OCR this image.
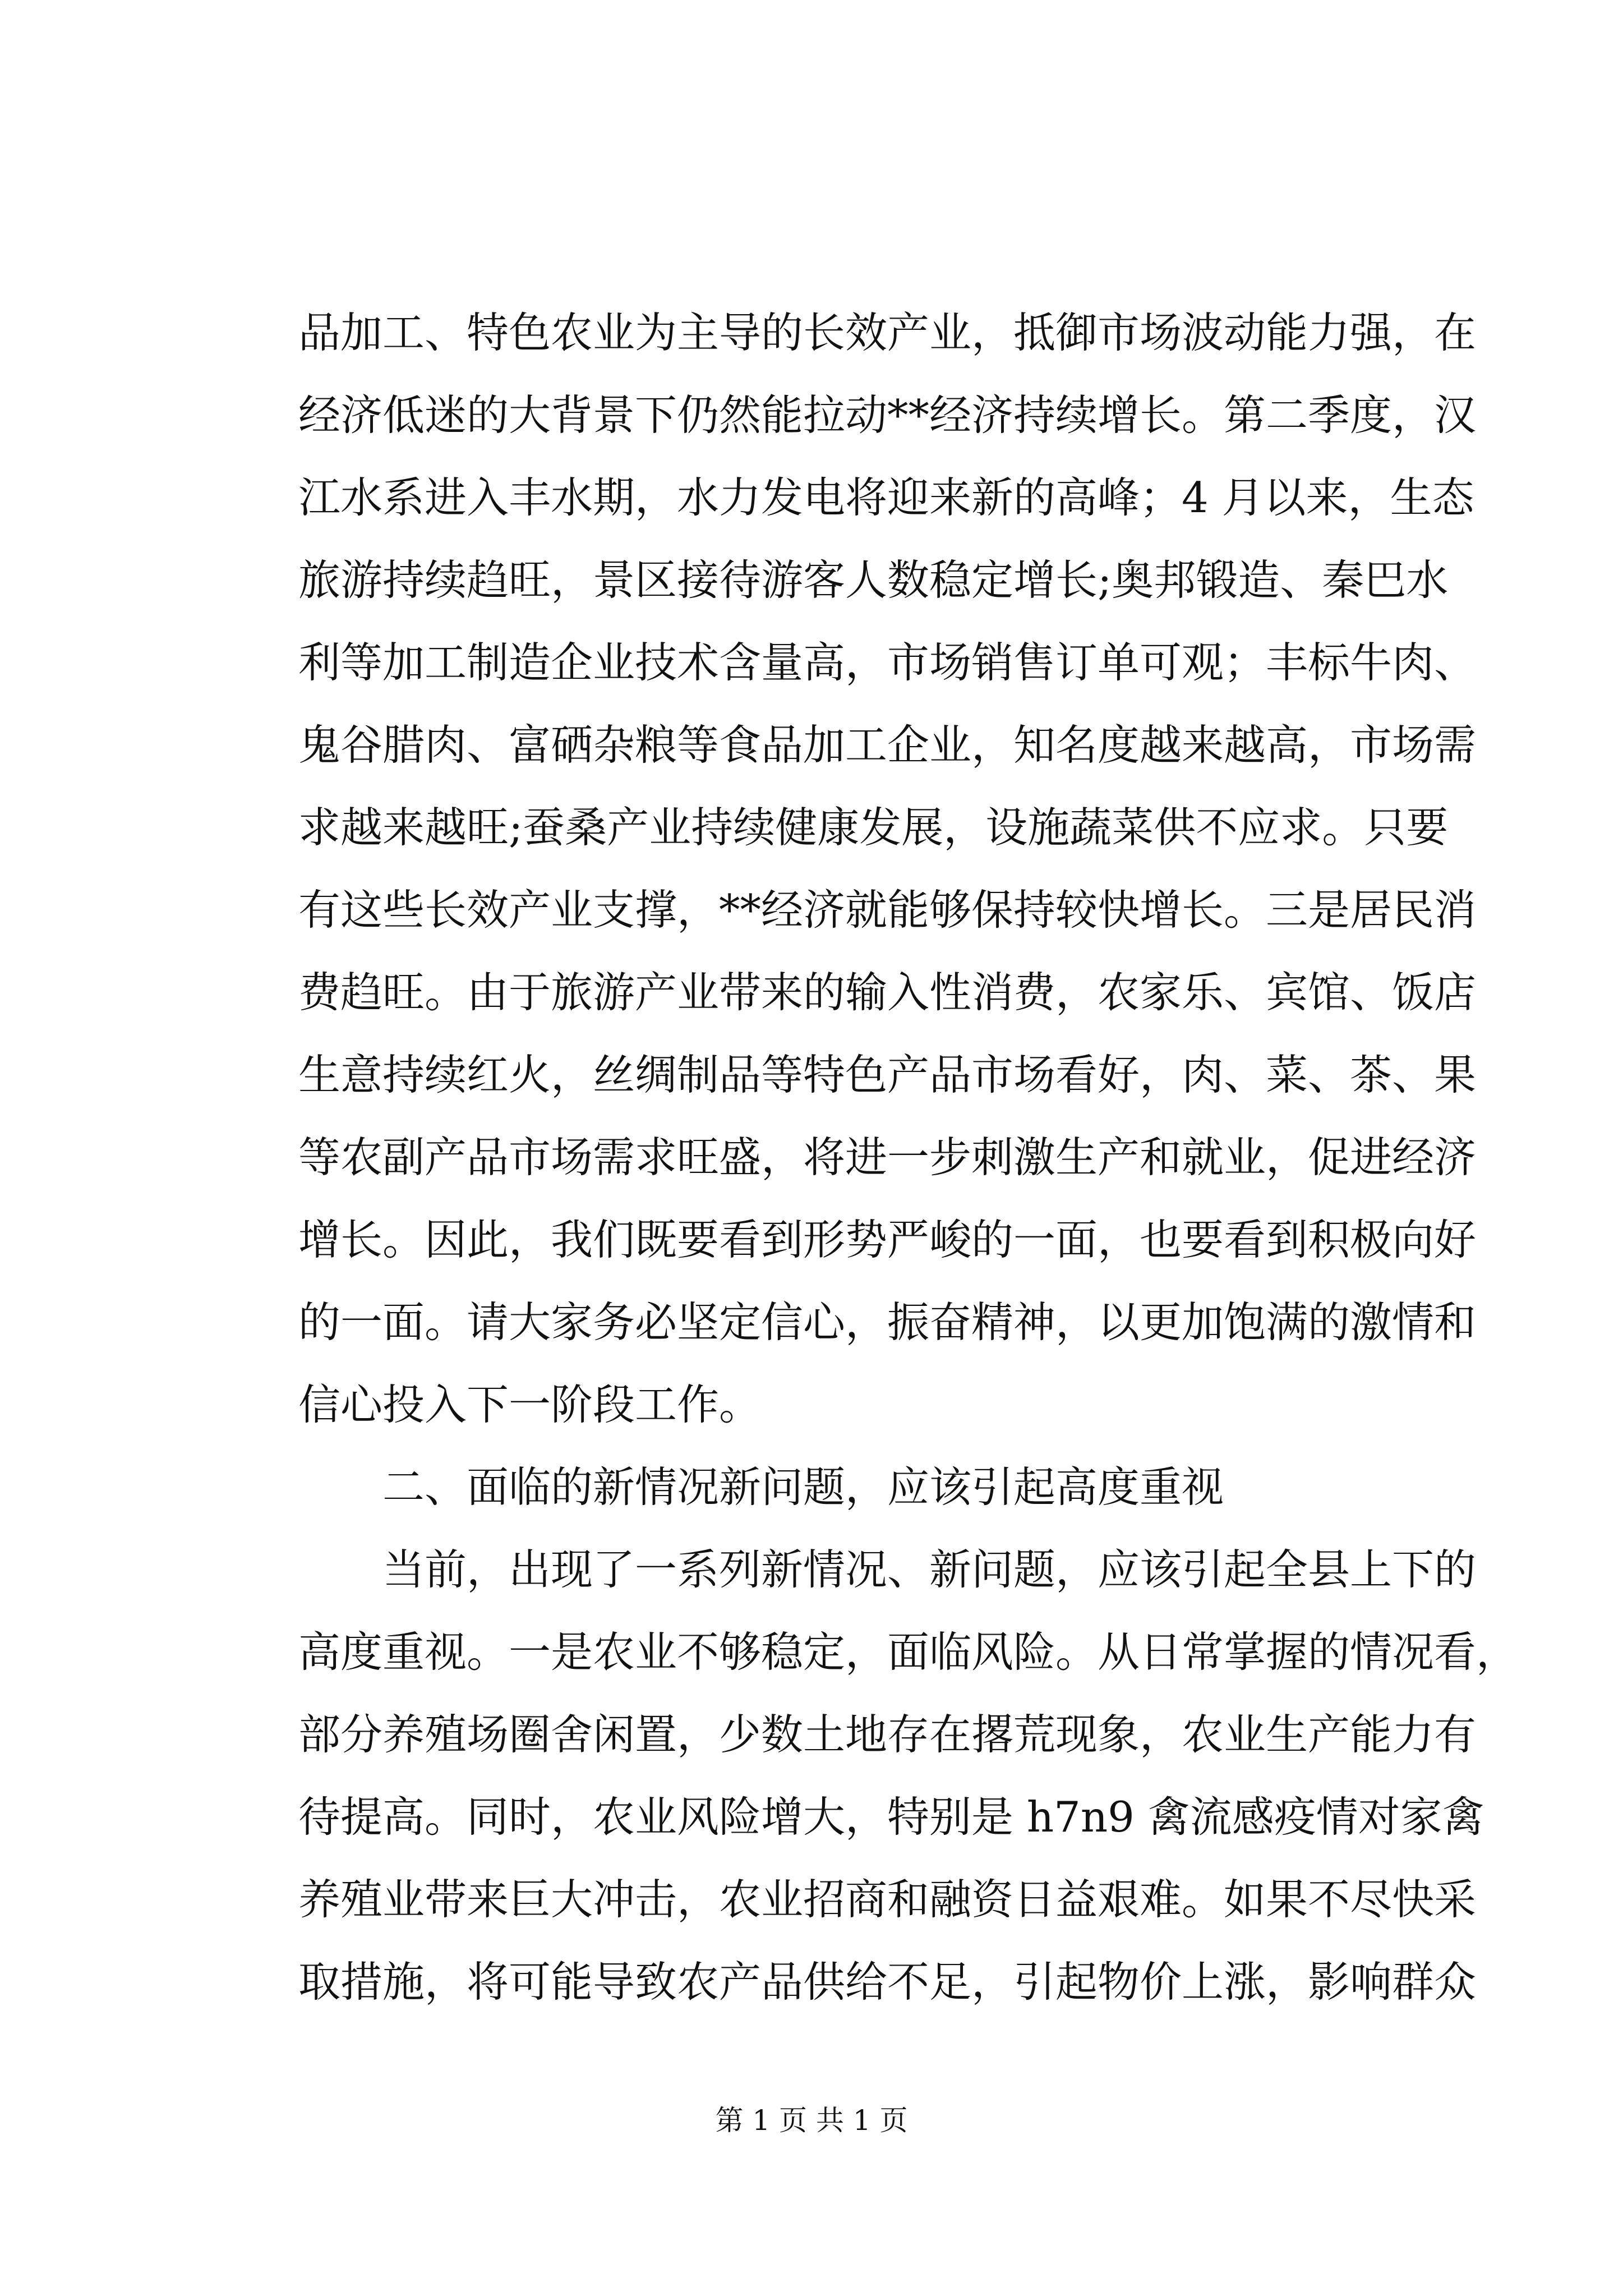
品加工、特色农业为主导的长效产业，抵御市场波动能力强，在
经济低迷的大背景下仍然能拉动**经济持续增长。第二季度，汉
江水系进入丰水期，水力发电将迎来新的高峰；4 月以来，生态
旅游持续趋旺，景区接待游客人数稳定增长;奥邦锻造、秦巴水
利等加工制造企业技术含量高，市场销售订单可观；丰标牛肉、
鬼谷腊肉、富硒杂粮等食品加工企业，知名度越来越高，市场需
求越来越旺;蚕桑产业持续健康发展，设施蔬菜供不应求。只要
有这些长效产业支撑，**经济就能够保持较快增长。三是居民消
费趋旺。由于旅游产业带来的输入性消费，农家乐、宾馆、饭店
生意持续红火，丝绸制品等特色产品市场看好，肉、菜、茶、果
等农副产品市场需求旺盛，将进一步刺激生产和就业，促进经济
增长。因此，我们既要看到形势严峻的一面，也要看到积极向好
的一面。请大家务必坚定信心，振奋精神，以更加饱满的激情和
信心投入下一阶段工作。
二、面临的新情况新问题，应该引起高度重视
当前，出现了一系列新情况、新问题，应该引起全县上下的
高度重视。一是农业不够稳定，面临风险。从日常掌握的情况看，
部分养殖场圈舍闲置，少数土地存在撂荒现象，农业生产能力有
待提高。同时，农业风险增大，特别是 h7n9 禽流感疫情对家禽
养殖业带来巨大冲击，农业招商和融资日益艰难。如果不尽快采
取措施，将可能导致农产品供给不足，引起物价上涨，影响群众
第 1 页 共 1 页
